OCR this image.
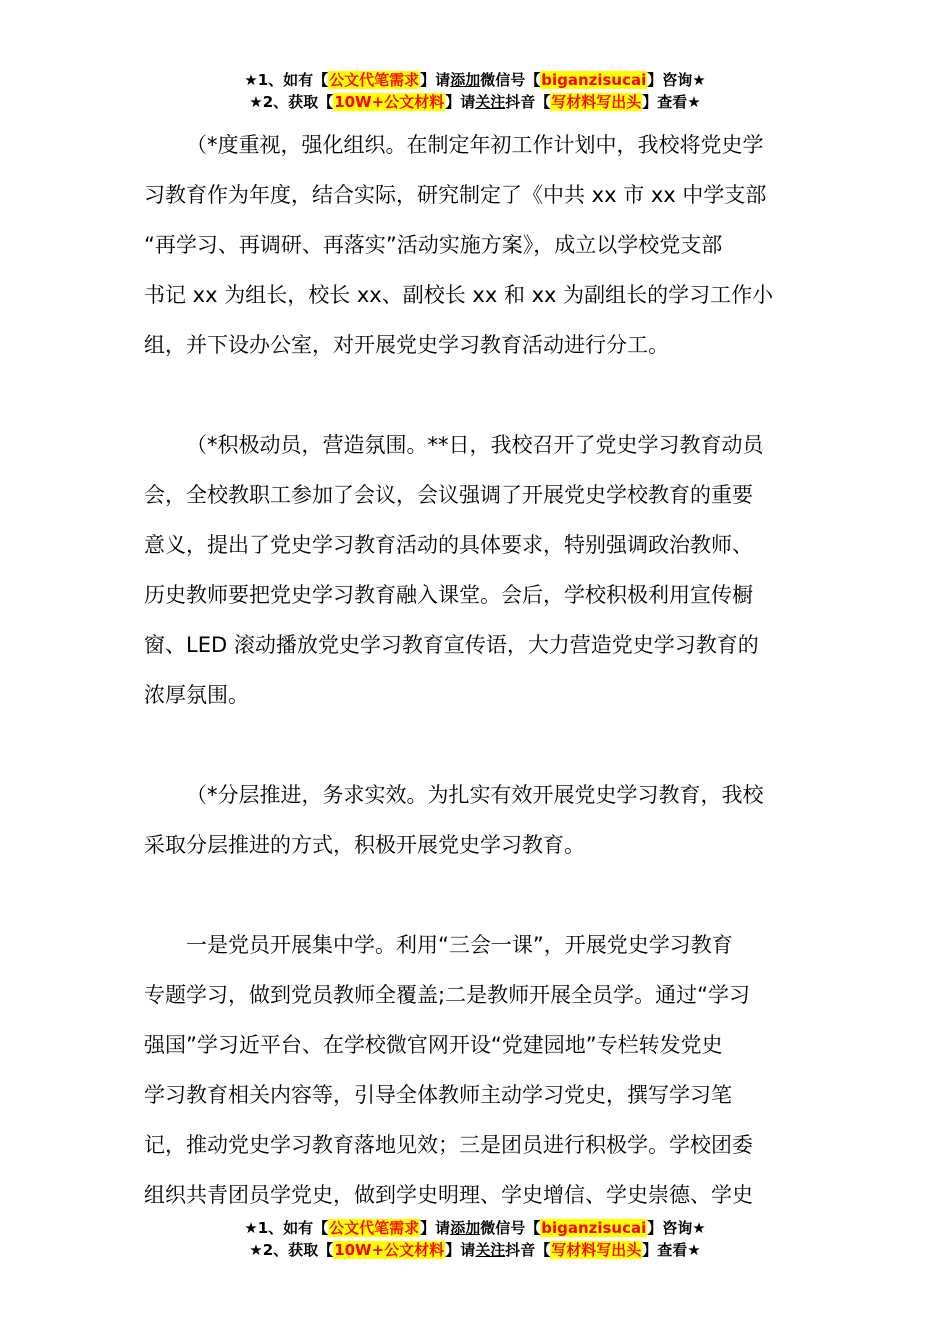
★1、如有【公文代笔需求】请添加微信号【biganzisucai】咨询★
★2、获取【10W+公文材料】请关注抖音【写材料写出头】查看★

（*度重视，强化组织。在制定年初工作计划中，我校将党史学
习教育作为年度，结合实际，研究制定了《中共 xx 市 xx 中学支部
“再学习、再调研、再落实”活动实施方案》，成立以学校党支部
书记 xx 为组长，校长 xx、副校长 xx 和 xx 为副组长的学习工作小
组，并下设办公室，对开展党史学习教育活动进行分工。

（*积极动员，营造氛围。**日，我校召开了党史学习教育动员
会，全校教职工参加了会议，会议强调了开展党史学校教育的重要
意义，提出了党史学习教育活动的具体要求，特别强调政治教师、
历史教师要把党史学习教育融入课堂。会后，学校积极利用宣传橱
窗、LED 滚动播放党史学习教育宣传语，大力营造党史学习教育的
浓厚氛围。

（*分层推进，务求实效。为扎实有效开展党史学习教育，我校
采取分层推进的方式，积极开展党史学习教育。

一是党员开展集中学。利用“三会一课”，开展党史学习教育
专题学习，做到党员教师全覆盖;二是教师开展全员学。通过“学习
强国”学习近平台、在学校微官网开设“党建园地”专栏转发党史
学习教育相关内容等，引导全体教师主动学习党史，撰写学习笔
记，推动党史学习教育落地见效；三是团员进行积极学。学校团委
组织共青团员学党史，做到学史明理、学史增信、学史崇德、学史

★1、如有【公文代笔需求】请添加微信号【biganzisucai】咨询★
★2、获取【10W+公文材料】请关注抖音【写材料写出头】查看★
